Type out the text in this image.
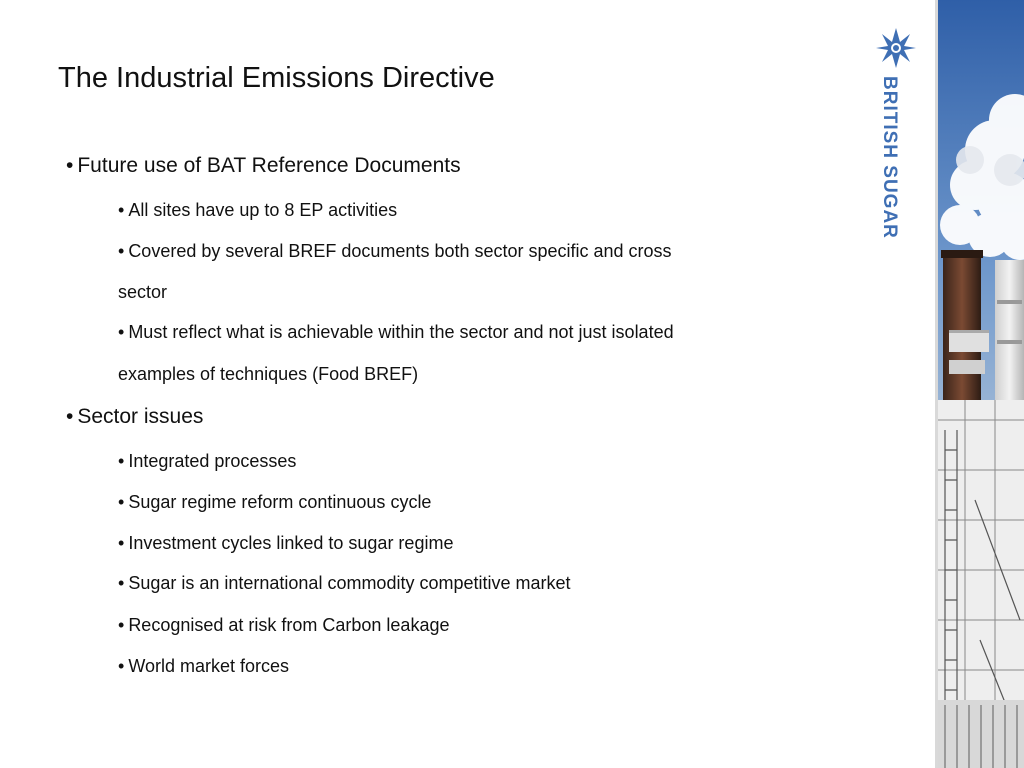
The Industrial Emissions Directive
• Future use of BAT Reference Documents
• All sites have up to 8 EP activities
• Covered by several BREF documents both sector specific and cross
sector
• Must reflect what is achievable within the sector and not just isolated
examples of techniques (Food BREF)
• Sector issues
• Integrated processes
• Sugar regime reform continuous cycle
• Investment cycles linked to sugar regime
• Sugar is an international commodity competitive market
• Recognised at risk from Carbon leakage
• World market forces
BRITISH SUGAR
